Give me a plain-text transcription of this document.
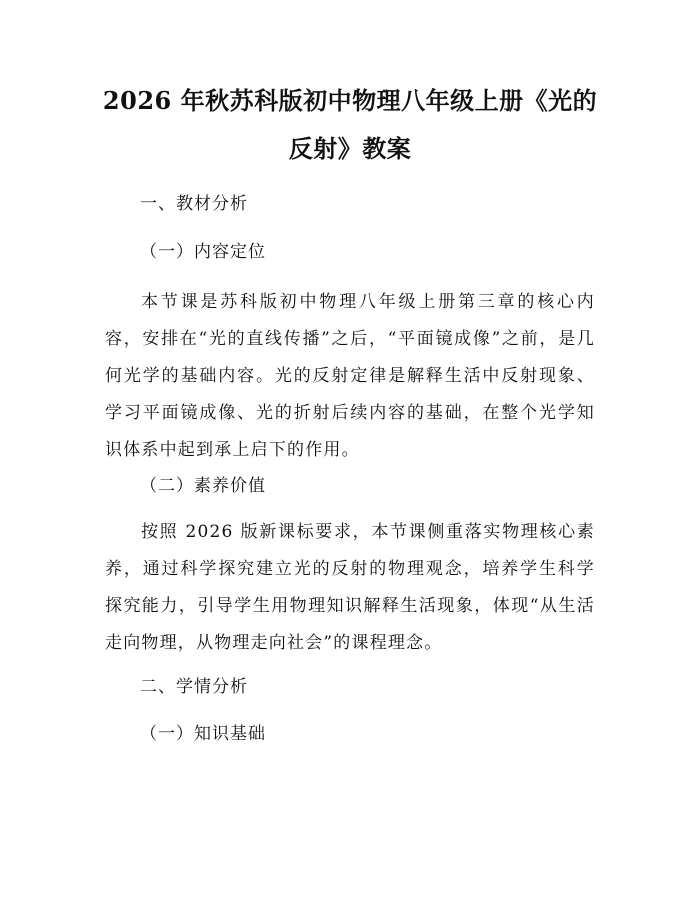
2026 年秋苏科版初中物理八年级上册《光的
反射》教案
一、教材分析
（一）内容定位

本节课是苏科版初中物理八年级上册第三章的核心内容，安排在“光的直线传播”之后，“平面镜成像”之前，是几何光学的基础内容。光的反射定律是解释生活中反射现象、学习平面镜成像、光的折射后续内容的基础，在整个光学知识体系中起到承上启下的作用。

（二）素养价值

按照 2026 版新课标要求，本节课侧重落实物理核心素养，通过科学探究建立光的反射的物理观念，培养学生科学探究能力，引导学生用物理知识解释生活现象，体现“从生活走向物理，从物理走向社会”的课程理念。

二、学情分析
（一）知识基础
